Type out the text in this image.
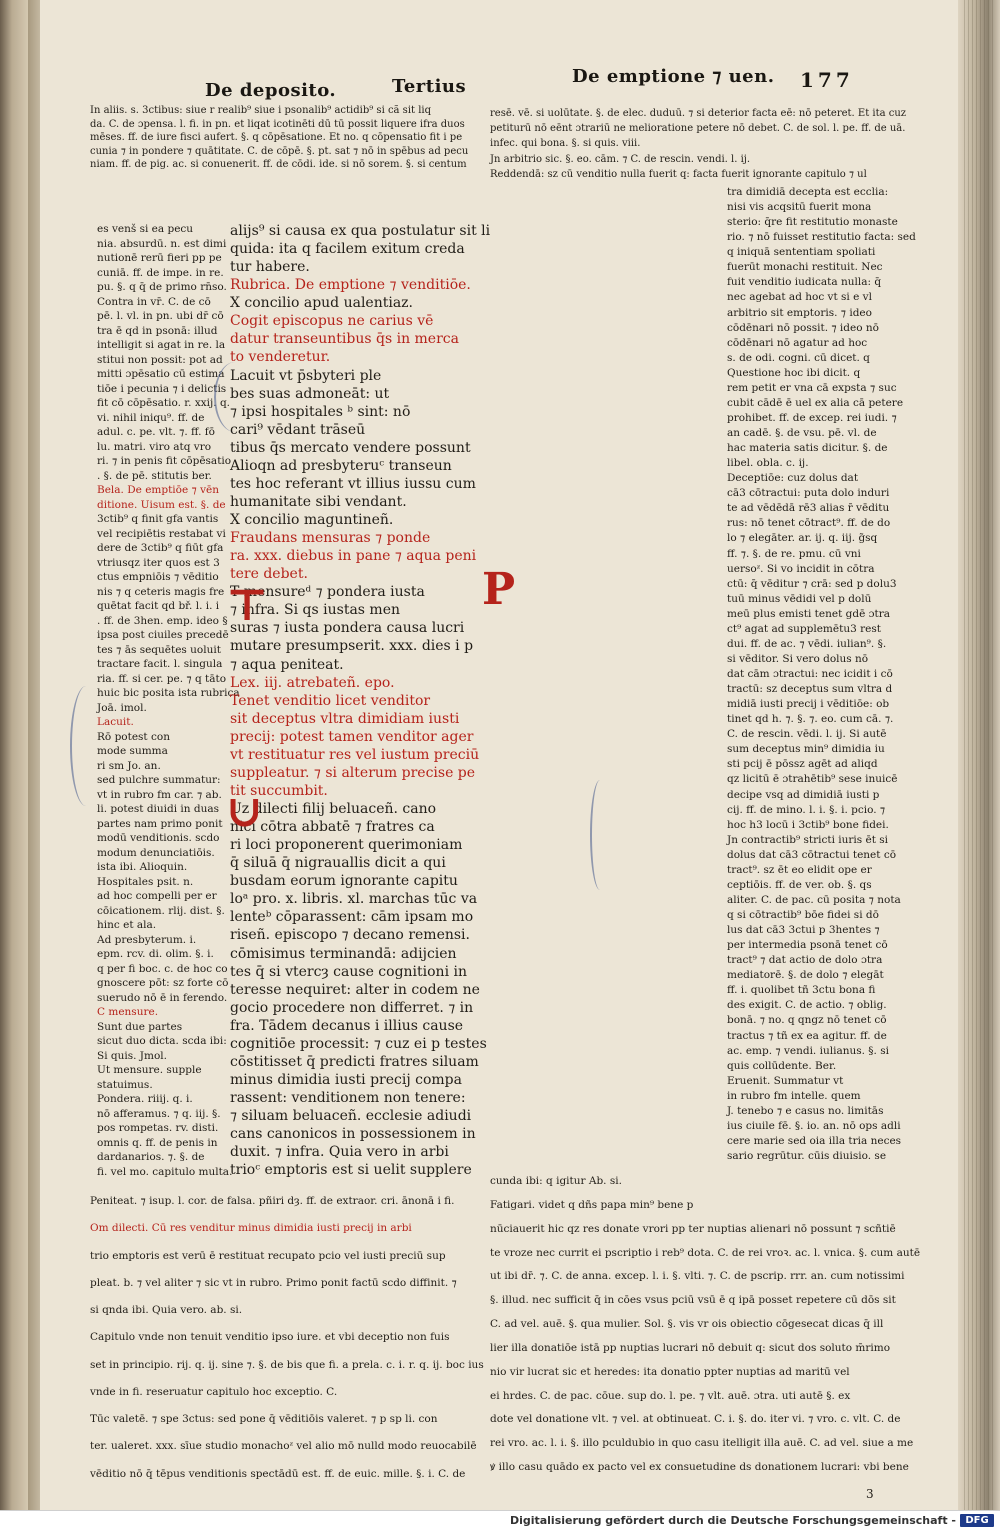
De deposito.	Tertius	De emptione ⁊ uen. 177
In aliis. s. 3ctibus: siue r realib⁹ siue i psonalib⁹ actidib⁹ si cã sit liq
da. C. de ɔpensa. l. fi. in pn. et liqat icotinēti dū tū possit liquere ifra duos
mēses. ff. de iure fisci aufert. §. q cōpēsatione. Et no. q cōpensatio fit i pe
cunia ⁊ in pondere ⁊ quātitate. C. de cōpē. §. pt. sat ⁊ nō in spēbus ad pecu
niam. ff. de pig. ac. si conuenerit. ff. de cōdi. ide. si nō sorem. §. si centum
resē. vē. si uolūtate. §. de elec. duduū. ⁊ si deterior facta eē: nō peteret. Et ita cuz
petiturū nō eēnt ɔtrariū ne melioratione petere nō debet. C. de sol. l. pe. ff. de uā.
infec. qui bona. §. si quis. viii.
Jn arbitrio sic. §. eo. cām. ⁊ C. de rescin. vendi. l. ij.
Reddendā: sz cū venditio nulla fuerit q: facta fuerit ignorante capitulo ⁊ ul
es venš si ea pecu
nia. absurdū. n. est dimi
nutionē rerū fieri pp pe
cuniā. ff. de impe. in re.
pu. §. q q̄ de primo rn̄so.
Contra in vr̄. C. de cō
pē. l. vl. in pn. ubi dr̄ cō
tra ē qd in psonā: illud
intelligit si agat in re. la
stitui non possit: pot ad
mitti ɔpēsatio cū estima
tiōe i pecunia ⁊ i delictis
fit cō cōpēsatio. r. xxij. q.
vi. nihil iniqu⁹. ff. de
adul. c. pe. vlt. ⁊. ff. fō
lu. matri. viro atq vro
ri. ⁊ in penis fit cōpēsatio
. §. de pē. stitutis ber.
Bela. De emptiōe ⁊ vēn
ditione. Uisum est. §. de
3ctib⁹ q finit gfa vantis
vel recipiētis restabat vi
dere de 3ctib⁹ q fiūt gfa
vtriusqz iter quos est 3
ctus empniōis ⁊ vēditio
nis ⁊ q ceteris magis fre
quētat facit qd bř. l. i. i
. ff. de 3hen. emp. ideo §
ipsa post ciuiles precedē
tes ⁊ ās sequētes uoluit
tractare facit. l. singula
ria. ff. si cer. pe. ⁊ q tāto
huic bic posita ista rubrica
Joā. imol.
Lacuit.
Rō potest con
mode summa
ri sm Jo. an.
sed pulchre summatur:
vt in rubro fm car. ⁊ ab.
li. potest diuidi in duas
partes nam primo ponit
modū venditionis. scdo
modum denunciatiōis.
ista ibi. Alioquin.
Hospitales psit. n.
ad hoc compelli per er
cōicationem. rlij. dist. §.
hinc et ala.
Ad presbyterum. i.
epm. rcv. di. olim. §. i.
q per fi boc. c. de hoc co
gnoscere pōt: sz forte cō
suerudo nō ē in ferendo.
C mensure.
Sunt due partes
sicut duo dicta. scda ibi:
Si quis. Jmol.
Ut mensure. supple
statuimus.
Pondera. riiij. q. i.
nō afferamus. ⁊ q. iij. §.
pos rompetas. rv. disti.
omnis q. ff. de penis in
dardanarios. ⁊. §. de
fi. vel mo. capitulo multa.
alijs⁹ si causa ex qua postulatur sit li
quida: ita q facilem exitum creda
tur habere.
Rubrica. De emptione ⁊ venditiōe.
X concilio apud ualentiaz.
Cogit episcopus ne carius vē
datur transeuntibus q̄s in merca
to venderetur.
Lacuit vt p̄sbyteri ple
bes suas admoneāt: ut
⁊ ipsi hospitales ᵇ sint: nō
cari⁹ vēdant trāseū
tibus q̄s mercato vendere possunt
Alioqn ad presbyteruᶜ transeun
tes hoc referant vt illius iussu cum
humanitate sibi vendant.
X concilio maguntineñ.
Fraudans mensuras ⁊ ponde
ra. xxx. diebus in pane ⁊ aqua peni
tere debet.
T mensureᵈ ⁊ pondera iusta
⁊ infra. Si qs iustas men
suras ⁊ iusta pondera causa lucri
mutare presumpserit. xxx. dies i p
⁊ aqua peniteat.
Lex. iij. atrebateñ. epo.
Tenet venditio licet venditor
sit deceptus vltra dimidiam iusti
precij: potest tamen venditor ager
vt restituatur res vel iustum preciū
suppleatur. ⁊ si alterum precise pe
tit succumbit.
Uz dilecti filij beluaceñ. cano
nici cōtra abbatē ⁊ fratres ca
ri loci proponerent querimoniam
q̄ siluā q̄ nigrauallis dicit a qui
busdam eorum ignorante capitu
loᵃ pro. x. libris. xl. marchas tūc va
lenteᵇ cōparassent: cām ipsam mo
riseñ. episcopo ⁊ decano remensi.
cōmisimus terminandā: adijcien
tes q̄ si vtercȝ cause cognitioni in
teresse nequiret: alter in codem ne
gocio procedere non differret. ⁊ in
fra. Tādem decanus i illius cause
cognitiōe processit: ⁊ cuz ei p testes
cōstitisset q̄ predicti fratres siluam
minus dimidia iusti precij compa
rassent: venditionem non tenere:
⁊ siluam beluaceñ. ecclesie adiudi
cans canonicos in possessionem in
duxit. ⁊ infra. Quia vero in arbi
trioᶜ emptoris est si uelit supplere
tra dimidiā decepta est ecclia:
nisi vis acqsitū fuerit mona
sterio: q̄re fit restitutio monaste
rio. ⁊ nō fuisset restitutio facta: sed
q iniquā sententiam spoliati
fuerūt monachi restituit. Nec
fuit venditio iudicata nulla: q̄
nec agebat ad hoc vt si e vl
arbitrio sit emptoris. ⁊ ideo
cōdēnari nō possit. ⁊ ideo nō
cōdēnari nō agatur ad hoc
s. de odi. cogni. cū dicet. q
Questione hoc ibi dicit. q
rem petit er vna cā expsta ⁊ suc
cubit cādē ē uel ex alia cā petere
prohibet. ff. de excep. rei iudi. ⁊
an cadē. §. de vsu. pē. vl. de
hac materia satis dicitur. §. de
libel. obla. c. ij.
Deceptiōe: cuz dolus dat
cā3 cōtractui: puta dolo induri
te ad vēdēdā rē3 alias r̄ vēditu
rus: nō tenet cōtract⁹. ff. de do
lo ⁊ elegāter. ar. ij. q. iij. g̃sq
ff. ⁊. §. de re. pmu. cū vni
uersoᶻ. Si vo incidit in cōtra
ctū: q̄ vēditur ⁊ crā: sed p dolu3
tuū minus vēdidi vel p dolū
meū plus emisti tenet gdē ɔtra
ct⁹ agat ad supplemētu3 rest
dui. ff. de ac. ⁊ vēdi. iulian⁹. §.
si vēditor. Si vero dolus nō
dat cām ɔtractui: nec icidit i cō
tractū: sz deceptus sum vltra d
midiā iusti precij i vēditiōe: ob
tinet qd h. ⁊. §. ⁊. eo. cum cā. ⁊.
C. de rescin. vēdi. l. ij. Si autē
sum deceptus min⁹ dimidia iu
sti pcij ē pōssz agēt ad aliqd
qz licitū ē ɔtrahētib⁹ sese inuicē
decipe vsq ad dimidiā iusti p
cij. ff. de mino. l. i. §. i. pcio. ⁊
hoc h3 locū i 3ctib⁹ bone fidei.
Jn contractib⁹ stricti iuris ēt si
dolus dat cā3 cōtractui tenet cō
tract⁹. sz ēt eo elidit ope er
ceptiōis. ff. de ver. ob. §. qs
aliter. C. de pac. cū posita ⁊ nota
q si cōtractib⁹ bōe fidei si dō
lus dat cā3 3ctui p 3hentes ⁊
per intermedia psonā tenet cō
tract⁹ ⁊ dat actio de dolo ɔtra
mediatorē. §. de dolo ⁊ elegāt
ff. i. quolibet tñ 3ctu bona fi
des exigit. C. de actio. ⁊ oblig.
bonā. ⁊ no. q qngz nō tenet cō
tractus ⁊ tñ ex ea agitur. ff. de
ac. emp. ⁊ vendi. iulianus. §. si
quis collūdente. Ber.
Eruenit. Summatur vt
in rubro fm intelle. quem
J. tenebo ⁊ e casus no. limitās
ius ciuile fē. §. io. an. nō ops adli
cere marie sed oia illa tria neces
sario regrūtur. cūis diuisio. se
Peniteat. ⁊ isup. l. cor. de falsa. pñiri dȝ. ff. de extraor. cri. ānonā i fi.
Om dilecti. Cū res venditur minus dimidia iusti precij in arbi
trio emptoris est verū ē restituat recupato pcio vel iusti preciū sup
pleat. b. ⁊ vel aliter ⁊ sic vt in rubro. Primo ponit factū scdo diffinit. ⁊
si qnda ibi. Quia vero. ab. si.
Capitulo vnde non tenuit venditio ipso iure. et vbi deceptio non fuis
set in principio. rij. q. ij. sine ⁊. §. de bis que fi. a prela. c. i. r. q. ij. boc ius
vnde in fi. reseruatur capitulo hoc exceptio. C.
Tūc valetē. ⁊ spe 3ctus: sed pone q̄ vēditiōis valeret. ⁊ p sp li. con
ter. ualeret. xxx. sīue studio monachoᶻ vel alio mō nulld modo reuocabilē
vēditio nō q̄ tēpus venditionis spectādū est. ff. de euic. mille. §. i. C. de
cunda ibi: q igitur Ab. si.
Fatigari. videt q dñs papa min⁹ bene p
nūciauerit hic qz res donate vrori pp ter nuptias alienari nō possunt ⁊ scñtiē
te vroze nec currit ei pscriptio i reb⁹ dota. C. de rei vroꝛ. ac. l. vnica. §. cum autē
ut ibi dr̄. ⁊. C. de anna. excep. l. i. §. vlti. ⁊. C. de pscrip. rrr. an. cum notissimi
§. illud. nec sufficit q̄ in cōes vsus pciū vsū ē q ipā posset repetere cū dōs sit
C. ad vel. auē. §. qua mulier. Sol. §. vis vr ois obiectio cōgesecat dicas q̄ ill
lier illa donatiōe istā pp nuptias lucrari nō debuit q: sicut dos soluto m̄rimo
nio vir lucrat sic et heredes: ita donatio ppter nuptias ad maritū vel
ei hrdes. C. de pac. cōue. sup do. l. pe. ⁊ vlt. auē. ɔtra. uti autē §. ex
dote vel donatione vlt. ⁊ vel. at obtinueat. C. i. §. do. iter vi. ⁊ vro. c. vlt. C. de
rei vro. ac. l. i. §. illo pculdubio in quo casu itelligit illa auē. C. ad vel. siue a me
ꝟ illo casu quādo ex pacto vel ex consuetudine ds donationem lucrari: vbi bene
3
⊤
∪
P
Digitalisierung gefördert durch die Deutsche Forschungsgemeinschaft - DFG
